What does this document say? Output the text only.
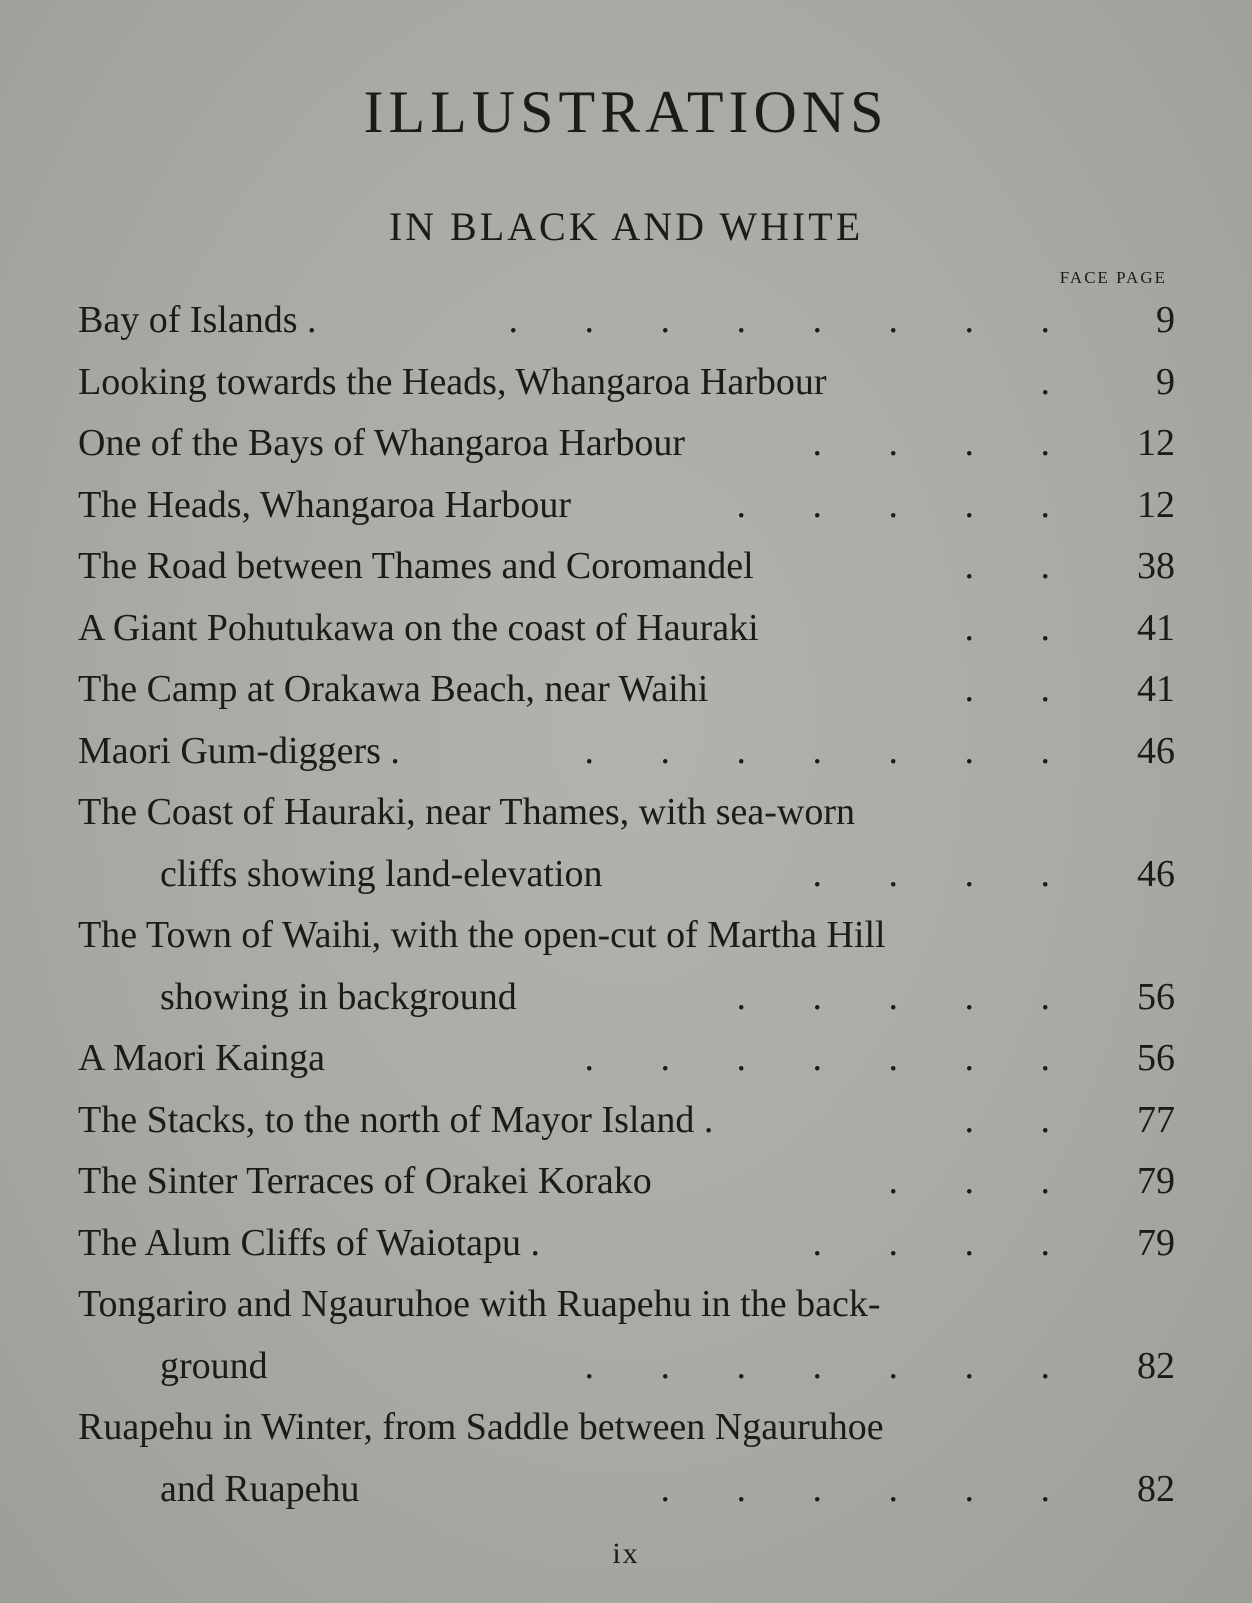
ILLUSTRATIONS
IN BLACK AND WHITE
FACE PAGE
Bay of Islands .	.       .       .       .       .       .       .       .	9
Looking towards the Heads, Whangaroa Harbour	.	9
One of the Bays of Whangaroa Harbour	.       .       .       .	12
The Heads, Whangaroa Harbour	.       .       .       .       .	12
The Road between Thames and Coromandel	.       .	38
A Giant Pohutukawa on the coast of Hauraki	.       .	41
The Camp at Orakawa Beach, near Waihi	.       .	41
Maori Gum-diggers .	.       .       .       .       .       .       .	46
The Coast of Hauraki, near Thames, with sea-worn
cliffs showing land-elevation	.       .       .       .	46
The Town of Waihi, with the open-cut of Martha Hill
showing in background	.       .       .       .       .	56
A Maori Kainga	.       .       .       .       .       .       .	56
The Stacks, to the north of Mayor Island .	.       .	77
The Sinter Terraces of Orakei Korako	.       .       .	79
The Alum Cliffs of Waiotapu .	.       .       .       .	79
Tongariro and Ngauruhoe with Ruapehu in the back-
ground	.       .       .       .       .       .       .	82
Ruapehu in Winter, from Saddle between Ngauruhoe
and Ruapehu	.       .       .       .       .       .	82
ix
